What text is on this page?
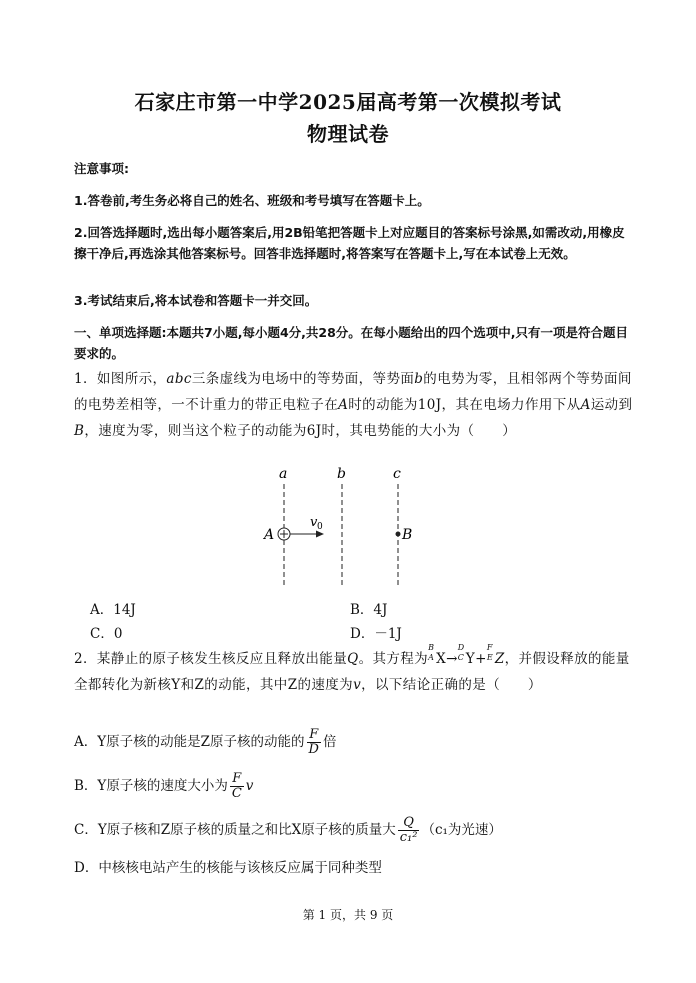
石家庄市第一中学2025届高考第一次模拟考试
物理试卷
注意事项:
1.答卷前,考生务必将自己的姓名、班级和考号填写在答题卡上。
2.回答选择题时,选出每小题答案后,用2B铅笔把答题卡上对应题目的答案标号涂黑,如需改动,用橡皮擦干净后,再选涂其他答案标号。回答非选择题时,将答案写在答题卡上,写在本试卷上无效。
3.考试结束后,将本试卷和答题卡一并交回。
一、单项选择题:本题共7小题,每小题4分,共28分。在每小题给出的四个选项中,只有一项是符合题目要求的。
1．如图所示，abc三条虚线为电场中的等势面，等势面b的电势为零，且相邻两个等势面间的电势差相等，一不计重力的带正电粒子在A时的动能为10J，其在电场力作用下从A运动到B，速度为零，则当这个粒子的动能为6J时，其电势能的大小为（　　）
a	b	c
v 0
A	B
A．14J	B．4J
C．0	D．－1J
2．某静止的原子核发生核反应且释放出能量Q。其方程为
B
A X→
D
C Y+
F
E Z，并假设释放的能量全都转化为新核Y和Z的动能，其中Z的速度为v，以下结论正确的是（　　）
A．Y原子核的动能是Z原子核的动能的 $\frac{F}{D}$ 倍
B．Y原子核的速度大小为 $\frac{F}{C}$ v
C．Y原子核和Z原子核的质量之和比X原子核的质量大 $\frac{Q}{\text{c₁²}} (c_1$为光速）
D．中核核电站产生的核能与该核反应属于同种类型
第 1 页，共 9 页
